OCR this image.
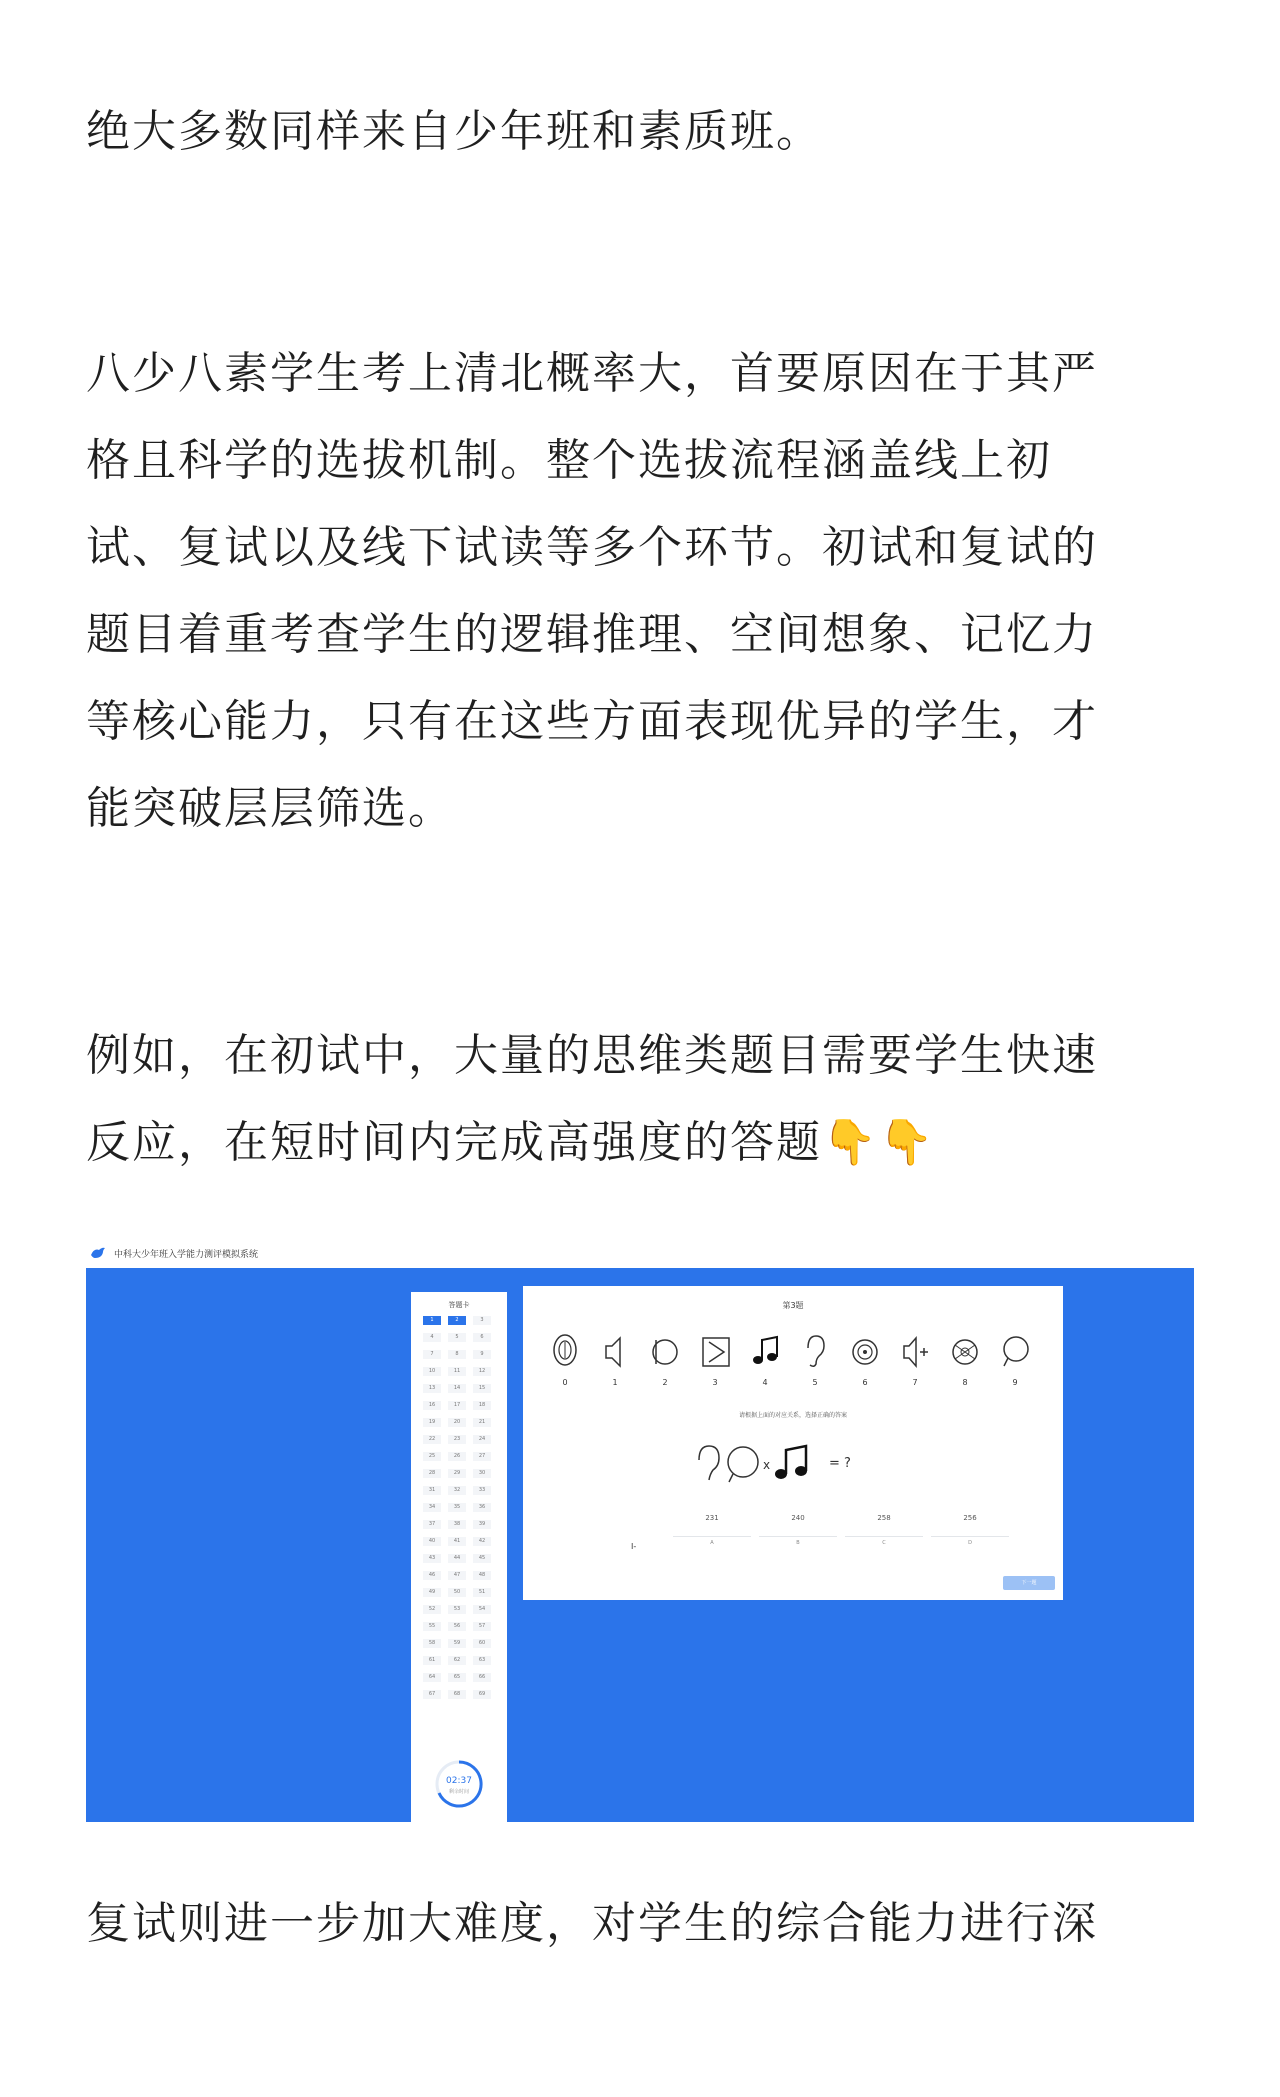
绝大多数同样来自少年班和素质班。

八少八素学生考上清北概率大，首要原因在于其严
格且科学的选拔机制。整个选拔流程涵盖线上初
试、复试以及线下试读等多个环节。初试和复试的
题目着重考查学生的逻辑推理、空间想象、记忆力
等核心能力，只有在这些方面表现优异的学生，才
能突破层层筛选。

例如，在初试中，大量的思维类题目需要学生快速
反应，在短时间内完成高强度的答题👇👇

中科大少年班入学能力测评模拟系统
答题卡
1	2	3
4	5	6
7	8	9
10	11	12
13	14	15
16	17	18
19	20	21
22	23	24
25	26	27
28	29	30
31	32	33
34	35	36
37	38	39
40	41	42
43	44	45
46	47	48
49	50	51
52	53	54
55	56	57
58	59	60
61	62	63
64	65	66
67	68	69
02:37
剩余时间
第3题
0	1	2	3	4	5	6	7	8	9
请根据上面的对应关系，选择正确的答案
x	= ?
I-
231
A
240
B
258
C
256
D
下一题

复试则进一步加大难度，对学生的综合能力进行深
